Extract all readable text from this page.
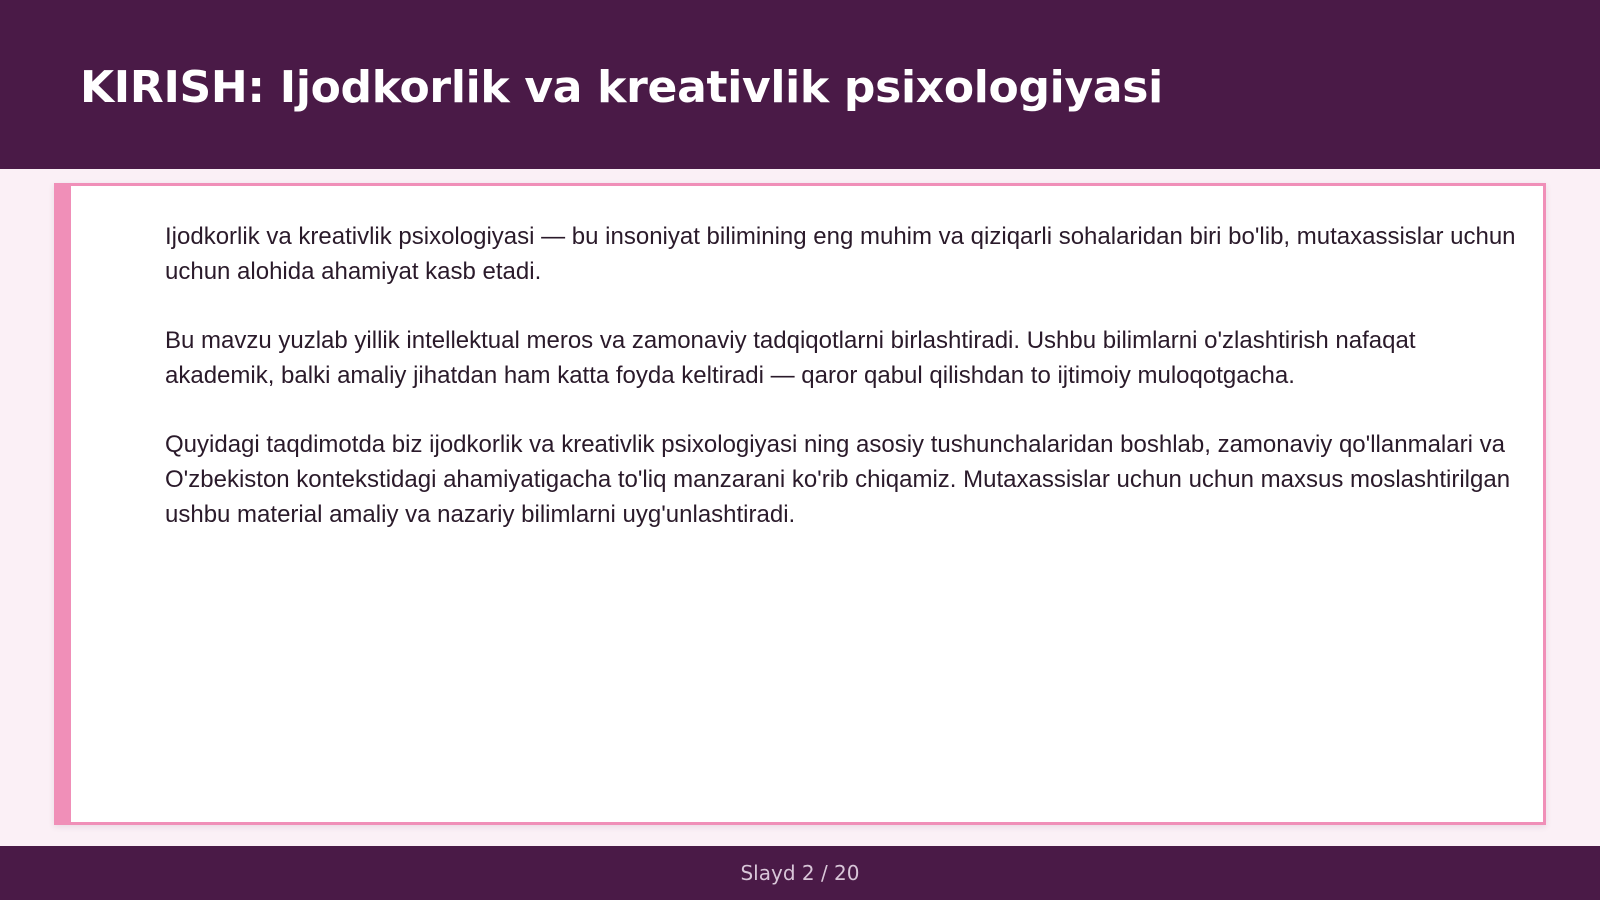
KIRISH: Ijodkorlik va kreativlik psixologiyasi

Ijodkorlik va kreativlik psixologiyasi — bu insoniyat bilimining eng muhim va qiziqarli sohalaridan biri bo'lib, mutaxassislar uchun uchun alohida ahamiyat kasb etadi.

Bu mavzu yuzlab yillik intellektual meros va zamonaviy tadqiqotlarni birlashtiradi. Ushbu bilimlarni o'zlashtirish nafaqat akademik, balki amaliy jihatdan ham katta foyda keltiradi — qaror qabul qilishdan to ijtimoiy muloqotgacha.

Quyidagi taqdimotda biz ijodkorlik va kreativlik psixologiyasi ning asosiy tushunchalaridan boshlab, zamonaviy qo'llanmalari va O'zbekiston kontekstidagi ahamiyatigacha to'liq manzarani ko'rib chiqamiz. Mutaxassislar uchun uchun maxsus moslashtirilgan ushbu material amaliy va nazariy bilimlarni uyg'unlashtiradi.

Slayd 2 / 20
